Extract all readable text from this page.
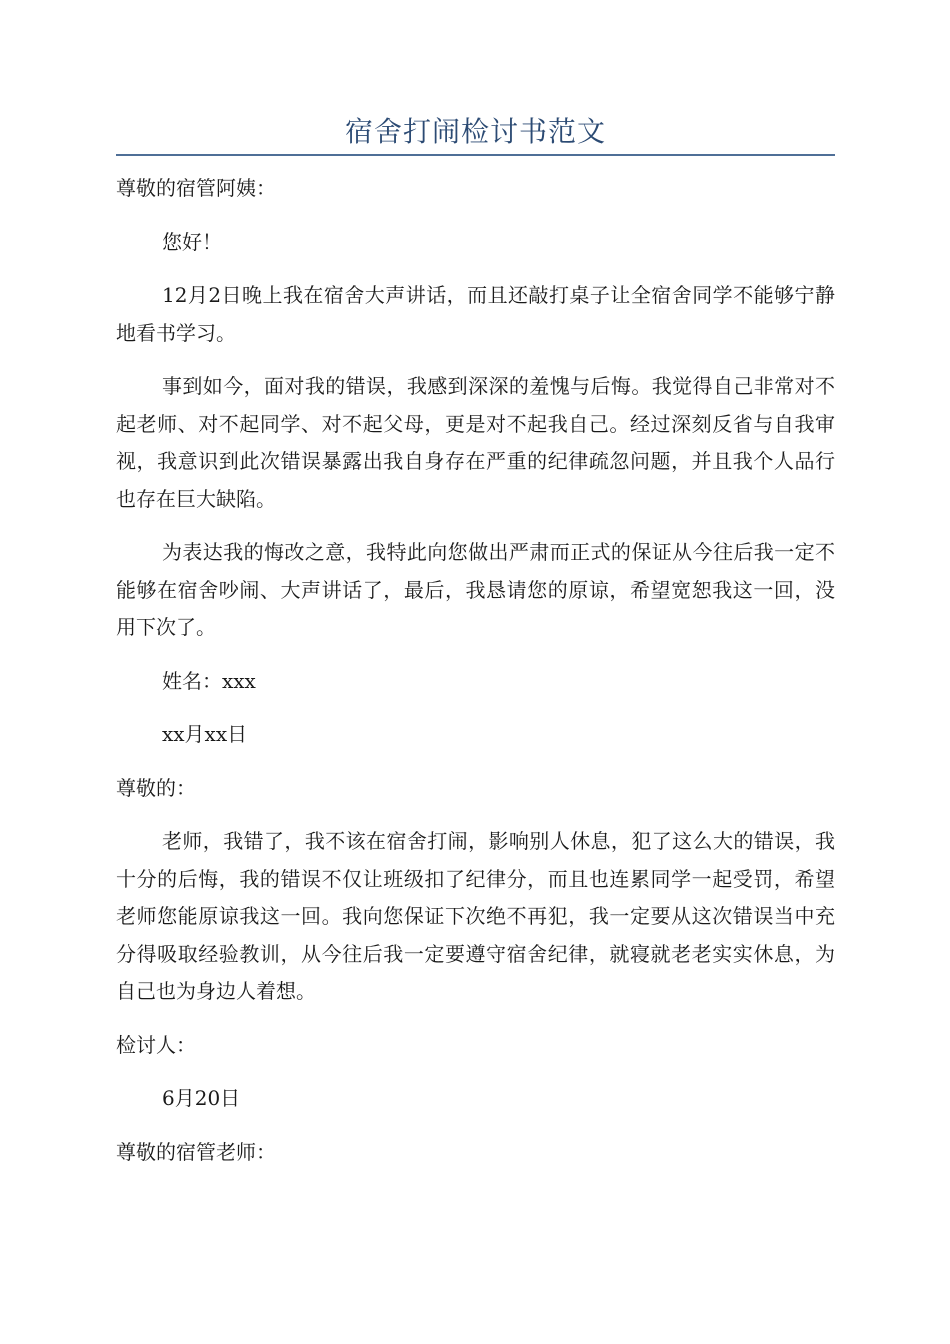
宿舍打闹检讨书范文

尊敬的宿管阿姨：

您好！

12月2日晚上我在宿舍大声讲话，而且还敲打桌子让全宿舍同学不能够宁静地看书学习。

事到如今，面对我的错误，我感到深深的羞愧与后悔。我觉得自己非常对不起老师、对不起同学、对不起父母，更是对不起我自己。经过深刻反省与自我审视，我意识到此次错误暴露出我自身存在严重的纪律疏忽问题，并且我个人品行也存在巨大缺陷。

为表达我的悔改之意，我特此向您做出严肃而正式的保证从今往后我一定不能够在宿舍吵闹、大声讲话了，最后，我恳请您的原谅，希望宽恕我这一回，没用下次了。

姓名：xxx

xx月xx日

尊敬的：

老师，我错了，我不该在宿舍打闹，影响别人休息，犯了这么大的错误，我十分的后悔，我的错误不仅让班级扣了纪律分，而且也连累同学一起受罚，希望老师您能原谅我这一回。我向您保证下次绝不再犯，我一定要从这次错误当中充分得吸取经验教训，从今往后我一定要遵守宿舍纪律，就寝就老老实实休息，为自己也为身边人着想。

检讨人：

6月20日

尊敬的宿管老师：
